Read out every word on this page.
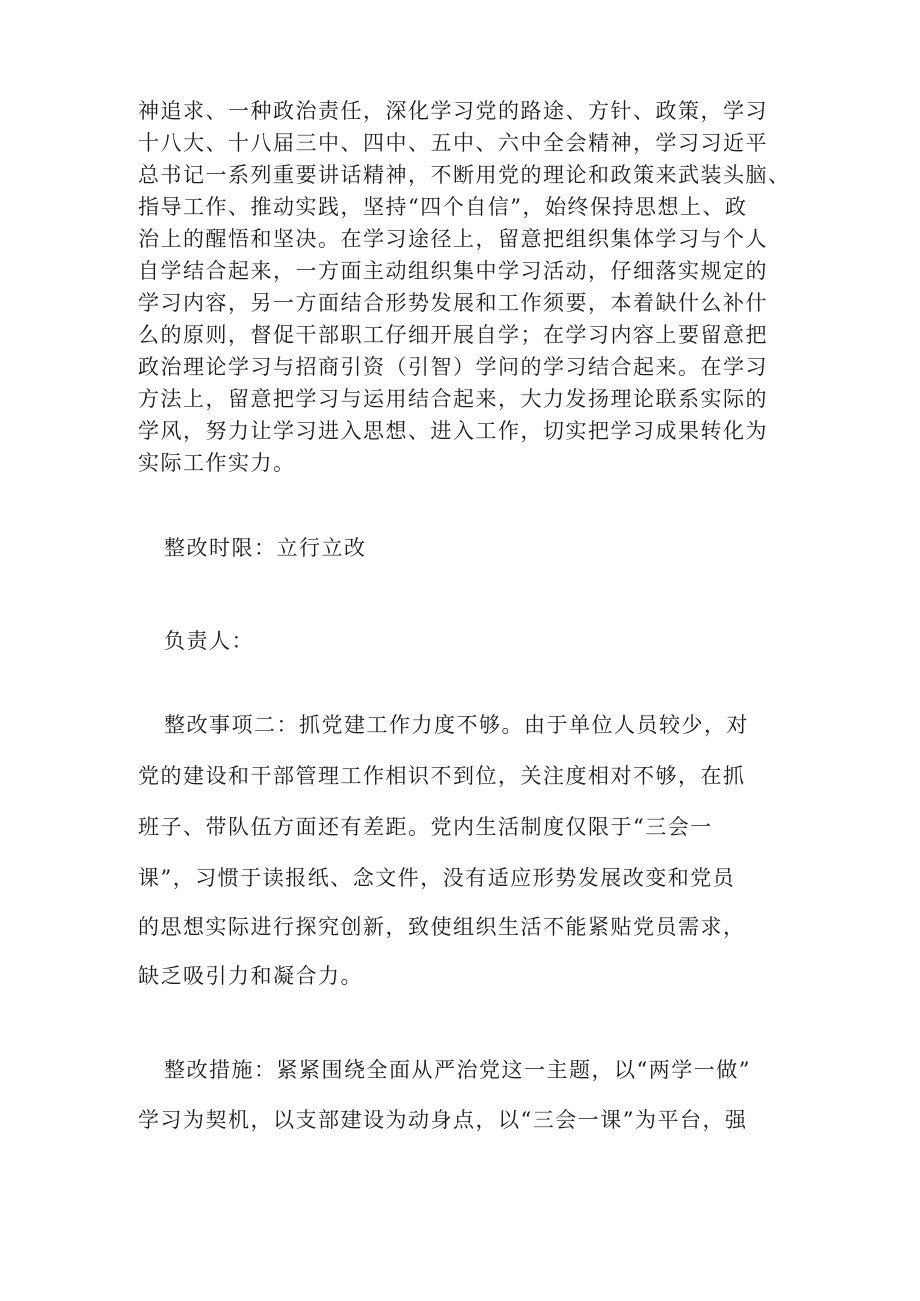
神追求、一种政治责任，深化学习党的路途、方针、政策，学习
十八大、十八届三中、四中、五中、六中全会精神，学习习近平
总书记一系列重要讲话精神，不断用党的理论和政策来武装头脑、
指导工作、推动实践，坚持“四个自信”，始终保持思想上、政
治上的醒悟和坚决。在学习途径上，留意把组织集体学习与个人
自学结合起来，一方面主动组织集中学习活动，仔细落实规定的
学习内容，另一方面结合形势发展和工作须要，本着缺什么补什
么的原则，督促干部职工仔细开展自学；在学习内容上要留意把
政治理论学习与招商引资（引智）学问的学习结合起来。在学习
方法上，留意把学习与运用结合起来，大力发扬理论联系实际的
学风，努力让学习进入思想、进入工作，切实把学习成果转化为
实际工作实力。
整改时限：立行立改
负责人：
整改事项二：抓党建工作力度不够。由于单位人员较少，对
党的建设和干部管理工作相识不到位，关注度相对不够，在抓
班子、带队伍方面还有差距。党内生活制度仅限于“三会一
课”，习惯于读报纸、念文件，没有适应形势发展改变和党员
的思想实际进行探究创新，致使组织生活不能紧贴党员需求，
缺乏吸引力和凝合力。
整改措施：紧紧围绕全面从严治党这一主题，以“两学一做”
学习为契机，以支部建设为动身点，以“三会一课”为平台，强
